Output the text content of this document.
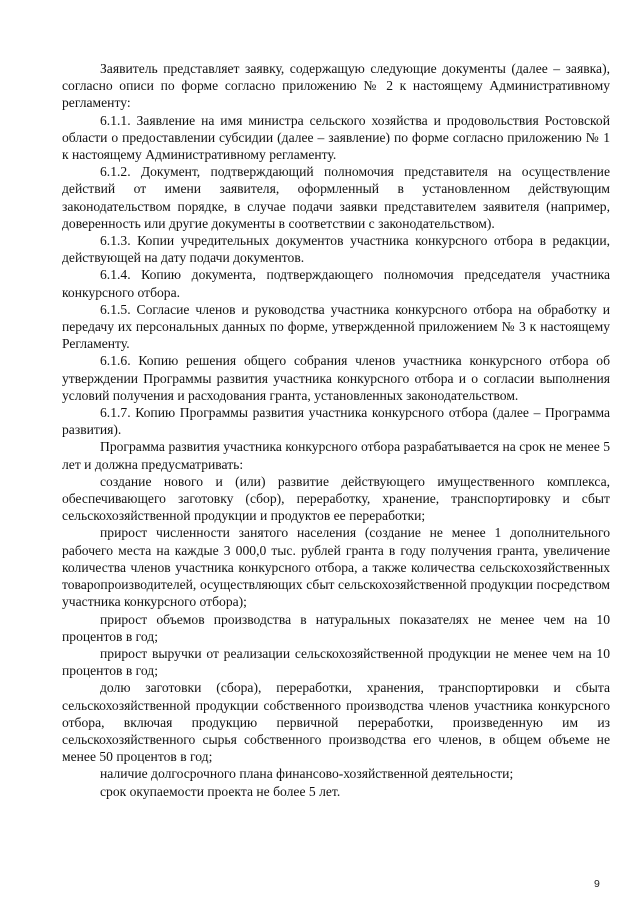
Заявитель представляет заявку, содержащую следующие документы (далее – заявка), согласно описи по форме согласно приложению № 2 к настоящему Административному регламенту:

6.1.1. Заявление на имя министра сельского хозяйства и продовольствия Ростовской области о предоставлении субсидии (далее – заявление) по форме согласно приложению № 1 к настоящему Административному регламенту.

6.1.2. Документ, подтверждающий полномочия представителя на осуществление действий от имени заявителя, оформленный в установленном действующим законодательством порядке, в случае подачи заявки представителем заявителя (например, доверенность или другие документы в соответствии с законодательством).

6.1.3. Копии учредительных документов участника конкурсного отбора в редакции, действующей на дату подачи документов.

6.1.4. Копию документа, подтверждающего полномочия председателя участника конкурсного отбора.

6.1.5. Согласие членов и руководства участника конкурсного отбора на обработку и передачу их персональных данных по форме, утвержденной приложением № 3 к настоящему Регламенту.

6.1.6. Копию решения общего собрания членов участника конкурсного отбора об утверждении Программы развития участника конкурсного отбора и о согласии выполнения условий получения и расходования гранта, установленных законодательством.

6.1.7. Копию Программы развития участника конкурсного отбора (далее – Программа развития).

Программа развития участника конкурсного отбора разрабатывается на срок не менее 5 лет и должна предусматривать:

создание нового и (или) развитие действующего имущественного комплекса, обеспечивающего заготовку (сбор), переработку, хранение, транспортировку и сбыт сельскохозяйственной продукции и продуктов ее переработки;

прирост численности занятого населения (создание не менее 1 дополнительного рабочего места на каждые 3 000,0 тыс. рублей гранта в году получения гранта, увеличение количества членов участника конкурсного отбора, а также количества сельскохозяйственных товаропроизводителей, осуществляющих сбыт сельскохозяйственной продукции посредством участника конкурсного отбора);

прирост объемов производства в натуральных показателях не менее чем на 10 процентов в год;

прирост выручки от реализации сельскохозяйственной продукции не менее чем на 10 процентов в год;

долю заготовки (сбора), переработки, хранения, транспортировки и сбыта сельскохозяйственной продукции собственного производства членов участника конкурсного отбора, включая продукцию первичной переработки, произведенную им из сельскохозяйственного сырья собственного производства его членов, в общем объеме не менее 50 процентов в год;

наличие долгосрочного плана финансово-хозяйственной деятельности;

срок окупаемости проекта не более 5 лет.

9
